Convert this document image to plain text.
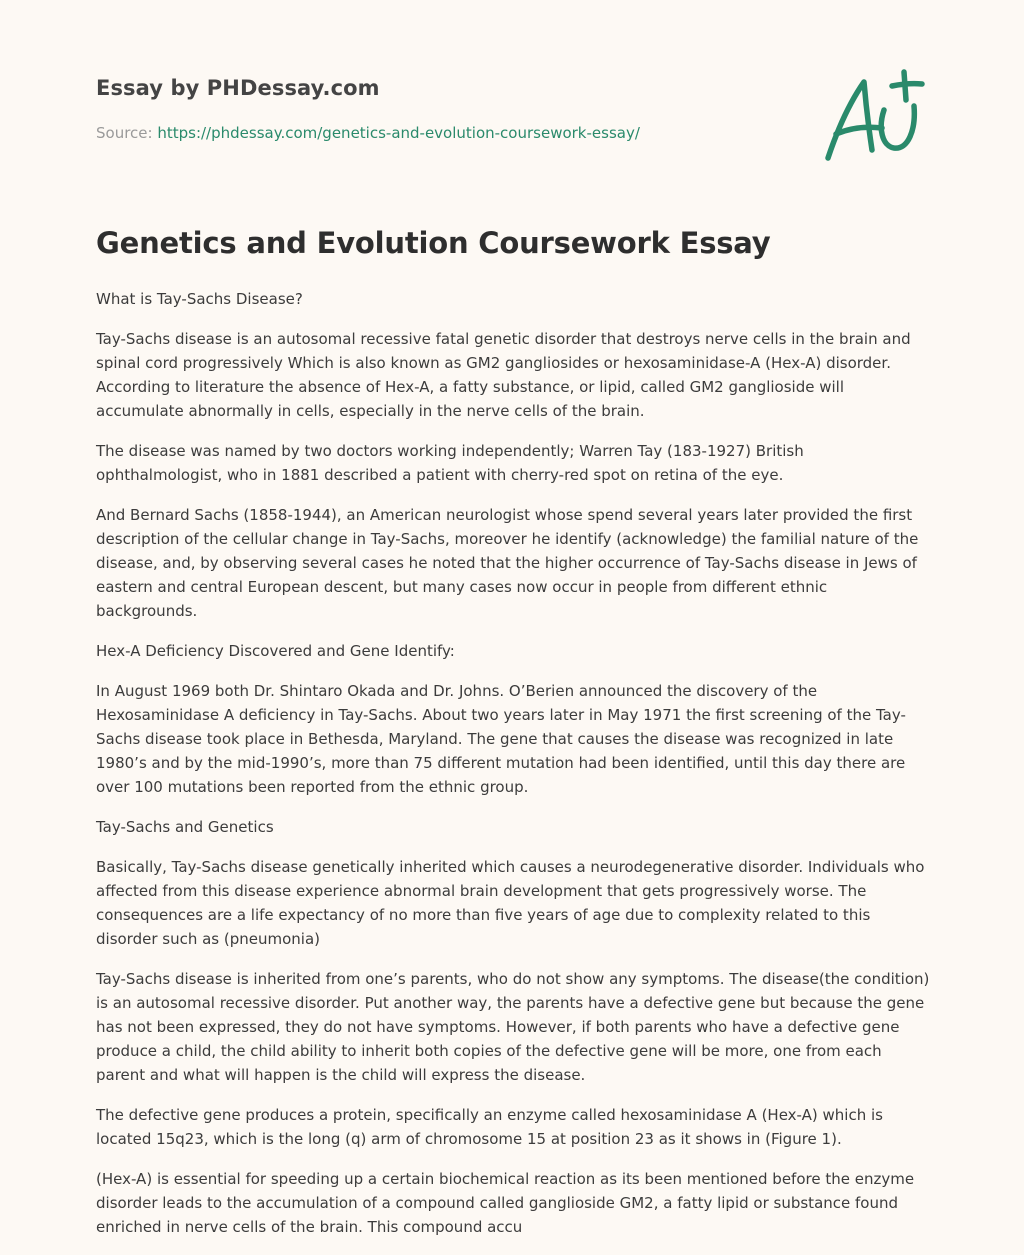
Essay by PHDessay.com
Source: https://phdessay.com/genetics-and-evolution-coursework-essay/
Genetics and Evolution Coursework Essay

What is Tay-Sachs Disease?

Tay-Sachs disease is an autosomal recessive fatal genetic disorder that destroys nerve cells in the brain and spinal cord progressively Which is also known as GM2 gangliosides or hexosaminidase-A (Hex-A) disorder. According to literature the absence of Hex-A, a fatty substance, or lipid, called GM2 ganglioside will accumulate abnormally in cells, especially in the nerve cells of the brain.

The disease was named by two doctors working independently; Warren Tay (183-1927) British ophthalmologist, who in 1881 described a patient with cherry-red spot on retina of the eye.

And Bernard Sachs (1858-1944), an American neurologist whose spend several years later provided the first description of the cellular change in Tay-Sachs, moreover he identify (acknowledge) the familial nature of the disease, and, by observing several cases he noted that the higher occurrence of Tay-Sachs disease in Jews of eastern and central European descent, but many cases now occur in people from different ethnic backgrounds.

Hex-A Deficiency Discovered and Gene Identify:

In August 1969 both Dr. Shintaro Okada and Dr. Johns. O’Berien announced the discovery of the Hexosaminidase A deficiency in Tay-Sachs. About two years later in May 1971 the first screening of the Tay-Sachs disease took place in Bethesda, Maryland. The gene that causes the disease was recognized in late 1980’s and by the mid-1990’s, more than 75 different mutation had been identified, until this day there are over 100 mutations been reported from the ethnic group.

Tay-Sachs and Genetics

Basically, Tay-Sachs disease genetically inherited which causes a neurodegenerative disorder. Individuals who affected from this disease experience abnormal brain development that gets progressively worse. The consequences are a life expectancy of no more than five years of age due to complexity related to this disorder such as (pneumonia)

Tay-Sachs disease is inherited from one’s parents, who do not show any symptoms. The disease(the condition) is an autosomal recessive disorder. Put another way, the parents have a defective gene but because the gene has not been expressed, they do not have symptoms. However, if both parents who have a defective gene produce a child, the child ability to inherit both copies of the defective gene will be more, one from each parent and what will happen is the child will express the disease.

The defective gene produces a protein, specifically an enzyme called hexosaminidase A (Hex-A) which is located 15q23, which is the long (q) arm of chromosome 15 at position 23 as it shows in (Figure 1).

(Hex-A) is essential for speeding up a certain biochemical reaction as its been mentioned before the enzyme disorder leads to the accumulation of a compound called ganglioside GM2, a fatty lipid or substance found enriched in nerve cells of the brain. This compound accu
